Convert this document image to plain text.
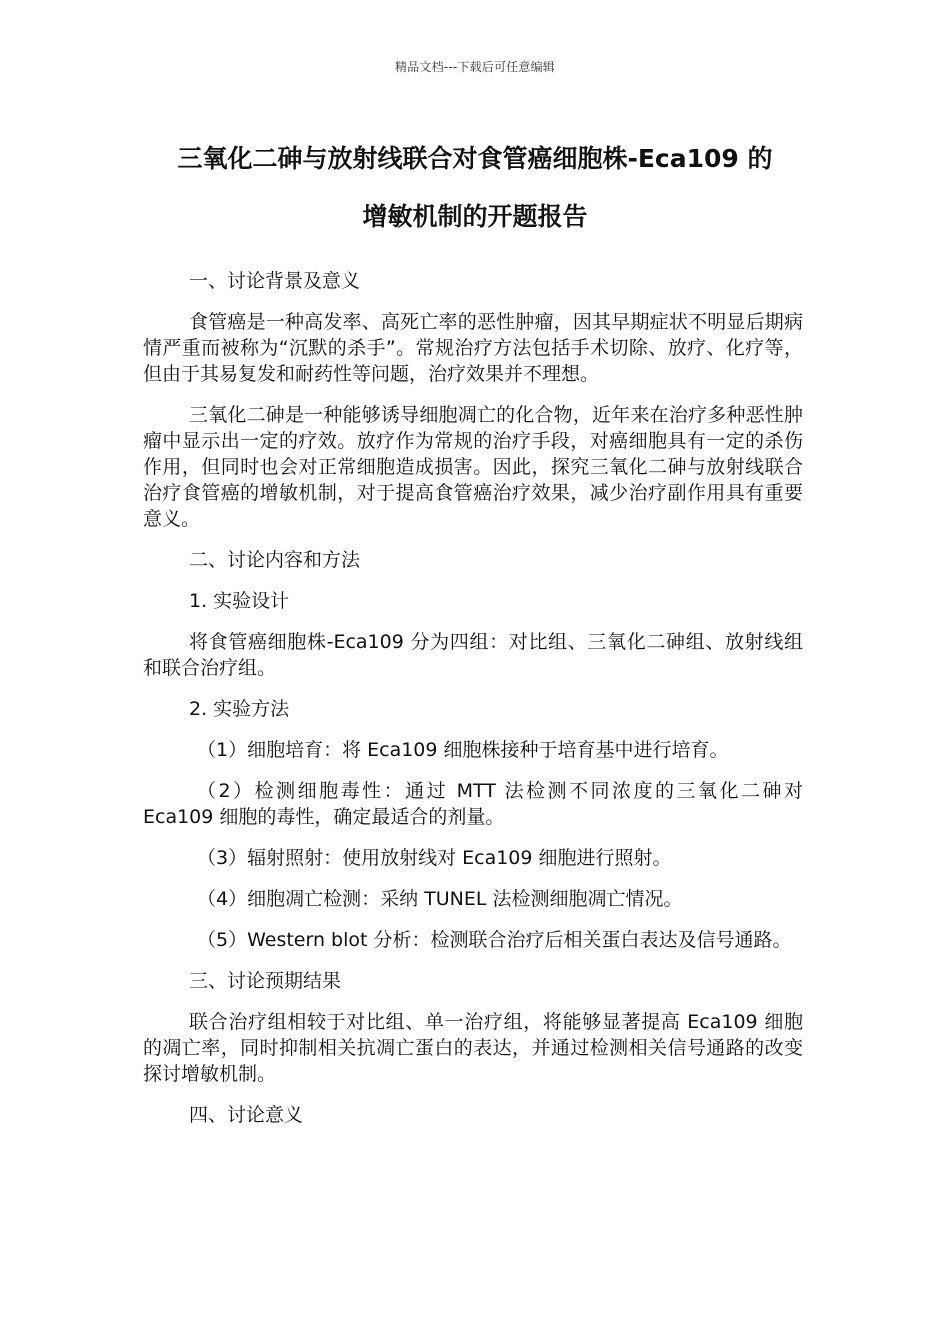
精品文档---下载后可任意编辑
三氧化二砷与放射线联合对食管癌细胞株-Eca109 的
增敏机制的开题报告

一、讨论背景及意义

食管癌是一种高发率、高死亡率的恶性肿瘤，因其早期症状不明显后期病情严重而被称为“沉默的杀手”。常规治疗方法包括手术切除、放疗、化疗等，但由于其易复发和耐药性等问题，治疗效果并不理想。

三氧化二砷是一种能够诱导细胞凋亡的化合物，近年来在治疗多种恶性肿瘤中显示出一定的疗效。放疗作为常规的治疗手段，对癌细胞具有一定的杀伤作用，但同时也会对正常细胞造成损害。因此，探究三氧化二砷与放射线联合治疗食管癌的增敏机制，对于提高食管癌治疗效果，减少治疗副作用具有重要意义。

二、讨论内容和方法

1. 实验设计

将食管癌细胞株-Eca109 分为四组：对比组、三氧化二砷组、放射线组和联合治疗组。

2. 实验方法

（1）细胞培育：将 Eca109 细胞株接种于培育基中进行培育。

（2）检测细胞毒性：通过 MTT 法检测不同浓度的三氧化二砷对 Eca109 细胞的毒性，确定最适合的剂量。

（3）辐射照射：使用放射线对 Eca109 细胞进行照射。

（4）细胞凋亡检测：采纳 TUNEL 法检测细胞凋亡情况。

（5）Western blot 分析：检测联合治疗后相关蛋白表达及信号通路。

三、讨论预期结果

联合治疗组相较于对比组、单一治疗组，将能够显著提高 Eca109 细胞的凋亡率，同时抑制相关抗凋亡蛋白的表达，并通过检测相关信号通路的改变探讨增敏机制。

四、讨论意义
